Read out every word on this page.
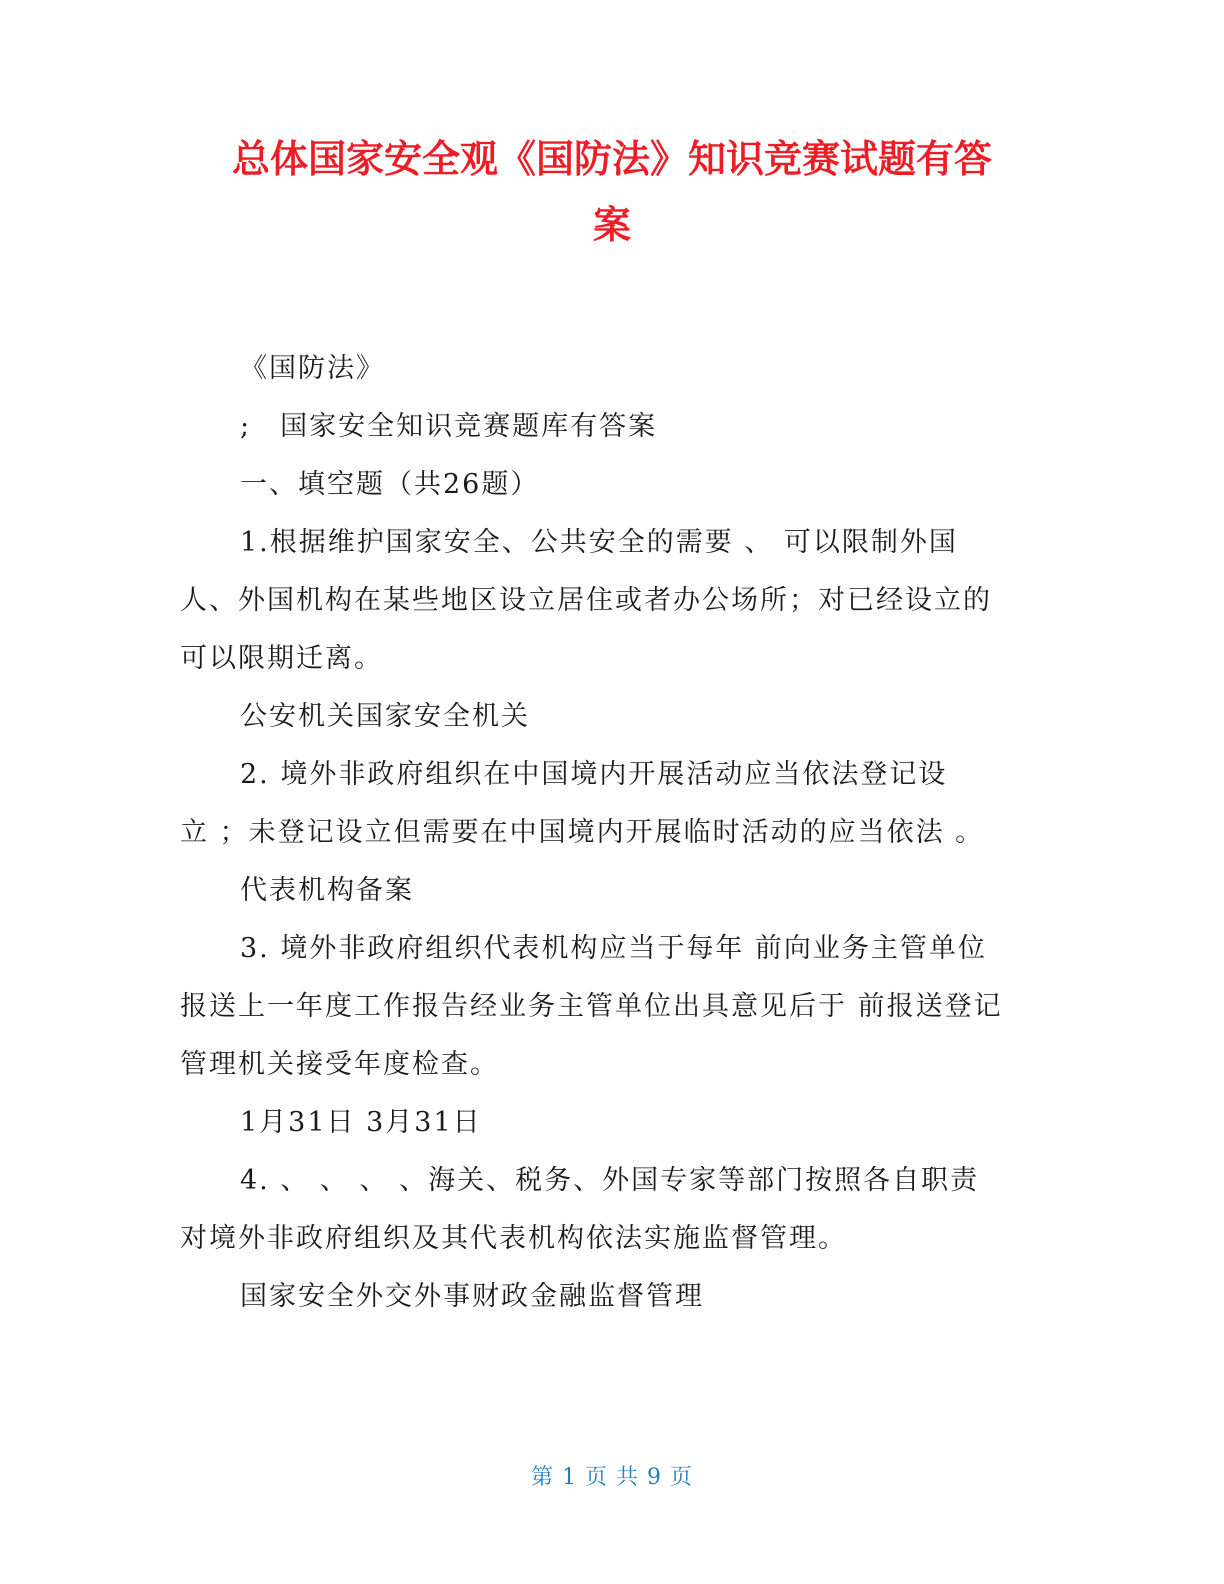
总体国家安全观《国防法》知识竞赛试题有答
案

《国防法》

;　国家安全知识竞赛题库有答案

一、填空题（共26题）

1.根据维护国家安全、公共安全的需要 、 可以限制外国
人、外国机构在某些地区设立居住或者办公场所；对已经设立的
可以限期迁离。

公安机关国家安全机关

2. 境外非政府组织在中国境内开展活动应当依法登记设
立 ；未登记设立但需要在中国境内开展临时活动的应当依法 。

代表机构备案

3. 境外非政府组织代表机构应当于每年 前向业务主管单位
报送上一年度工作报告经业务主管单位出具意见后于 前报送登记
管理机关接受年度检查。

1月31日 3月31日

4. 、 、 、 、海关、税务、外国专家等部门按照各自职责
对境外非政府组织及其代表机构依法实施监督管理。

国家安全外交外事财政金融监督管理

第 1 页 共 9 页
